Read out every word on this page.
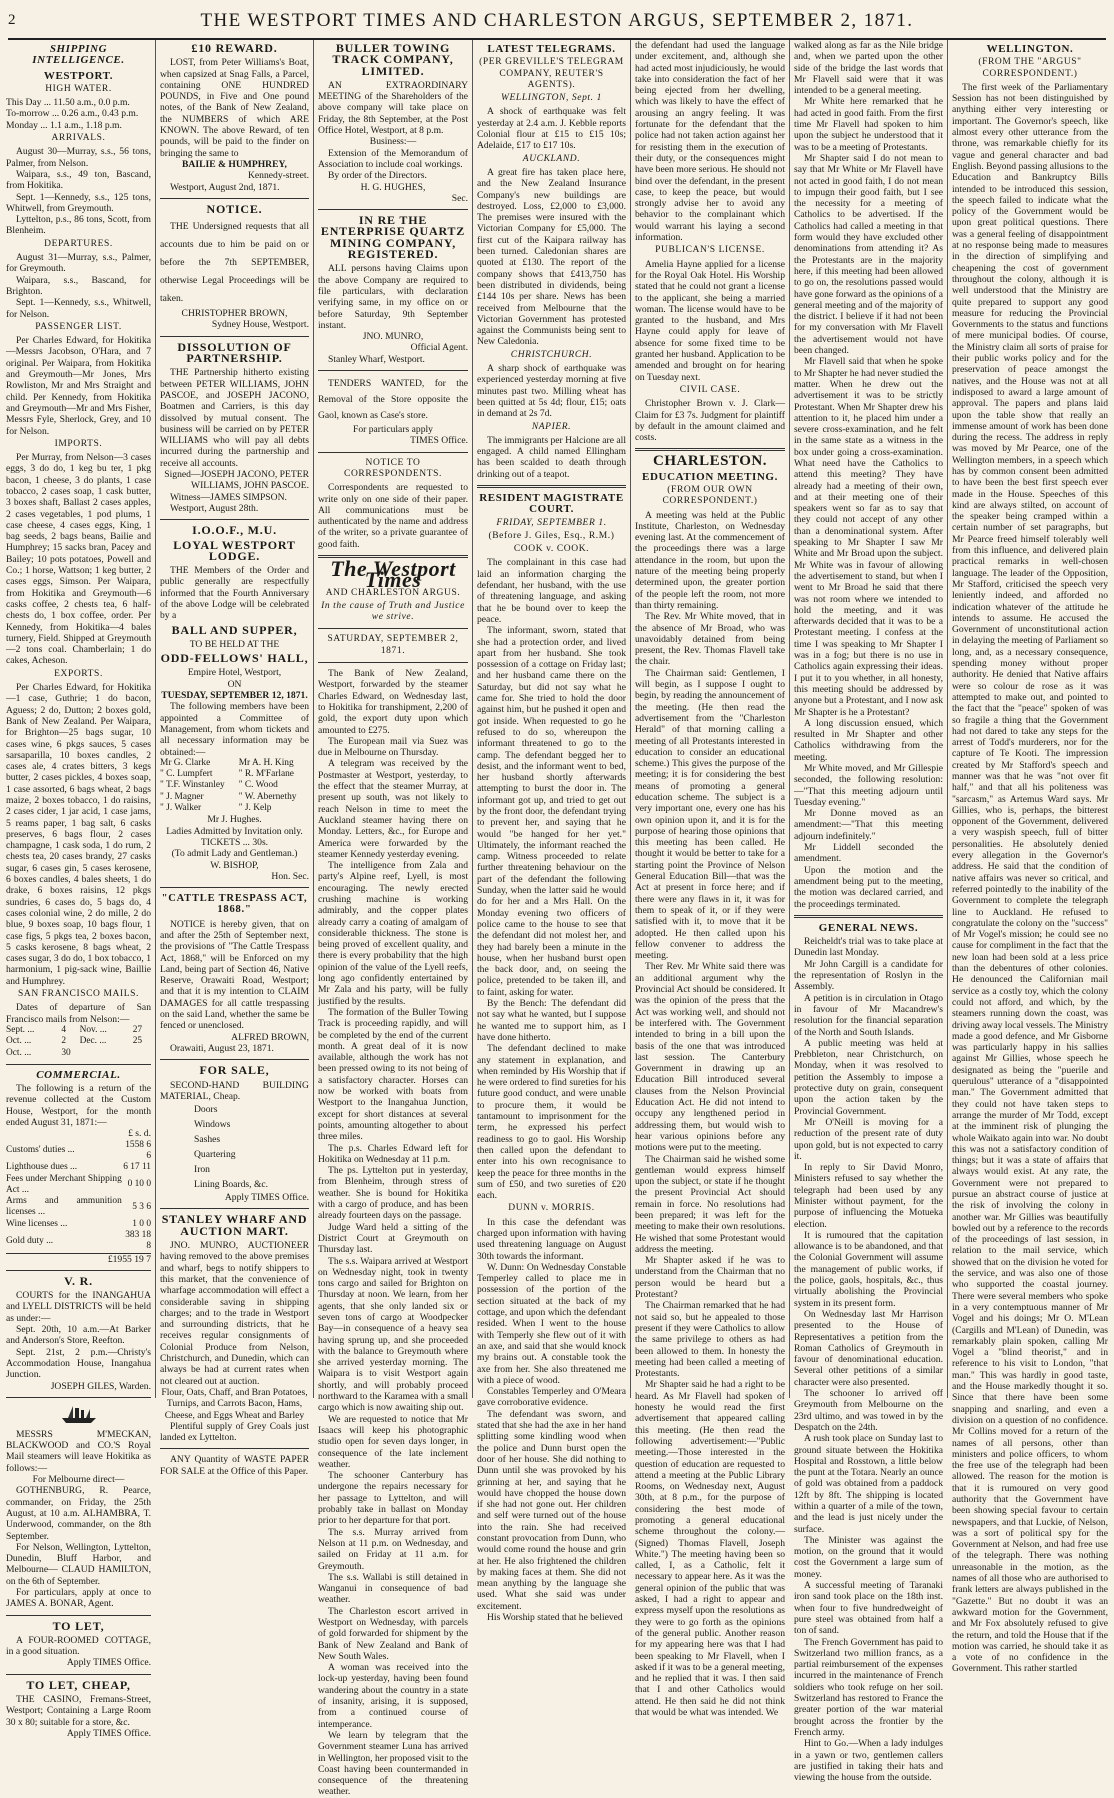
2	THE WESTPORT TIMES AND CHARLESTON ARGUS, SEPTEMBER 2, 1871.
SHIPPING INTELLIGENCE.
WESTPORT.
HIGH WATER.

This Day ... 11.50 a.m., 0.0 p.m.

To-morrow ... 0.26 a.m., 0.43 p.m.

Monday ... 1.1 a.m., 1.18 p.m.

ARRIVALS.

August 30—Murray, s.s., 56 tons, Palmer, from Nelson.

Waipara, s.s., 49 ton, Bascand, from Hokitika.

Sept. 1—Kennedy, s.s., 125 tons, Whitwell, from Greymouth.

Lyttelton, p.s., 86 tons, Scott, from Blenheim.

DEPARTURES.

August 31—Murray, s.s., Palmer, for Greymouth.

Waipara, s.s., Bascand, for Brighton.

Sept. 1—Kennedy, s.s., Whitwell, for Nelson.

PASSENGER LIST.

Per Charles Edward, for Hokitika—Messrs Jacobson, O'Hara, and 7 original. Per Waipara, from Hokitika and Greymouth—Mr Jones, Mrs Rowliston, Mr and Mrs Straight and child. Per Kennedy, from Hokitika and Greymouth—Mr and Mrs Fisher, Messrs Fyle, Sherlock, Grey, and 10 for Nelson.

IMPORTS.

Per Murray, from Nelson—3 cases eggs, 3 do do, 1 keg bu ter, 1 pkg bacon, 1 cheese, 3 do plants, 1 case tobacco, 2 cases soap, 1 cask butter, 3 boxes shaft, Ballast 2 cases apples, 2 cases vegetables, 1 pod plums, 1 case cheese, 4 cases eggs, King, 1 bag seeds, 2 bags beans, Bailie and Humphrey; 15 sacks bran, Pacey and Bailey; 10 pots potatoes, Powell and Co.; 1 horse, Wattson; 1 keg butter, 2 cases eggs, Simson. Per Waipara, from Hokitika and Greymouth—6 casks coffee, 2 chests tea, 6 half-chests do, 1 box coffee, order. Per Kennedy, from Hokitika—4 bales turnery, Field. Shipped at Greymouth—2 tons coal. Chamberlain; 1 do cakes, Acheson.

EXPORTS.

Per Charles Edward, for Hokitika—1 case, Guthrie; 1 do bacon, Aguess; 2 do, Dutton; 2 boxes gold, Bank of New Zealand. Per Waipara, for Brighton—25 bags sugar, 10 cases wine, 6 pkgs sauces, 5 cases sarsaparilla, 10 boxes candles, 2 cases ale, 4 crates bitters, 3 kegs butter, 2 cases pickles, 4 boxes soap, 1 case assorted, 6 bags wheat, 2 bags maize, 2 boxes tobacco, 1 do raisins, 2 cases cider, 1 jar acid, 1 case jams, 5 reams paper, 1 bag salt, 6 casks preserves, 6 bags flour, 2 cases champagne, 1 cask soda, 1 do rum, 2 chests tea, 20 cases brandy, 27 casks sugar, 6 cases gin, 5 cases kerosene, 6 boxes candles, 4 bales sheets, 1 do drake, 6 boxes raisins, 12 pkgs sundries, 6 cases do, 5 bags do, 4 cases colonial wine, 2 do mille, 2 do blue, 9 boxes soap, 10 bags flour, 1 case figs, 5 pkgs tea, 2 boxes bacon, 5 casks kerosene, 8 bags wheat, 2 cases sugar, 3 do do, 1 box tobacco, 1 harmonium, 1 pig-sack wine, Baillie and Humphrey.

SAN FRANCISCO MAILS.

Dates of departure of San Francisco mails from Nelson:—

Sept. ...	4	Nov. ...	27
Oct. ...	2	Dec. ...	25
Oct. ...	30		
COMMERCIAL.

The following is a return of the revenue collected at the Custom House, Westport, for the month ended August 31, 1871:—

£ s. d.

Customs' duties ...	1558 6 6
Lighthouse dues ...	6 17 11
Fees under Merchant Shipping Act ...	0 10 0
Arms and ammunition licenses ...	5 3 6
Wine licenses ...	1 0 0
Gold duty ...	383 18 8

£1955 19 7

V. R.

COURTS for the INANGAHUA and LYELL DISTRICTS will be held as under:—

Sept. 20th, 10 a.m.—At Barker and Anderson's Store, Reefton.

Sept. 21st, 2 p.m.—Christy's Accommodation House, Inangahua Junction.

JOSEPH GILES, Warden.

MESSRS M'MECKAN, BLACKWOOD and CO.'S Royal Mail steamers will leave Hokitika as follows:—

For Melbourne direct—

GOTHENBURG, R. Pearce, commander, on Friday, the 25th August, at 10 a.m. ALHAMBRA, T. Underwood, commander, on the 8th September.

For Nelson, Wellington, Lyttelton, Dunedin, Bluff Harbor, and Melbourne— CLAUD HAMILTON, on the 6th of September.

For particulars, apply at once to JAMES A. BONAR, Agent.

TO LET,

A FOUR-ROOMED COTTAGE, in a good situation.

Apply TIMES Office.

TO LET, CHEAP,

THE CASINO, Fremans-Street, Westport; Containing a Large Room 30 x 80; suitable for a store, &c.

Apply TIMES Office.

£10 REWARD.

LOST, from Peter Williams's Boat, when capsized at Snag Falls, a Parcel, containing ONE HUNDRED POUNDS, in Five and One pound notes, of the Bank of New Zealand, the NUMBERS of which ARE KNOWN. The above Reward, of ten pounds, will be paid to the finder on bringing the same to

BAILIE & HUMPHREY,

Kennedy-street.

Westport, August 2nd, 1871.

NOTICE.

THE Undersigned requests that all accounts due to him be paid on or before the 7th SEPTEMBER, otherwise Legal Proceedings will be taken.

CHRISTOPHER BROWN,

Sydney House, Westport.

DISSOLUTION OF PARTNERSHIP.

THE Partnership hitherto existing between PETER WILLIAMS, JOHN PASCOE, and JOSEPH JACONO, Boatmen and Carriers, is this day dissolved by mutual consent. The business will be carried on by PETER WILLIAMS who will pay all debts incurred during the partnership and receive all accounts.

Signed—JOSEPH JACONO, PETER WILLIAMS, JOHN PASCOE.

Witness—JAMES SIMPSON.

Westport, August 28th.

I.O.O.F., M.U.
LOYAL WESTPORT LODGE.

THE Members of the Order and public generally are respectfully informed that the Fourth Anniversary of the above Lodge will be celebrated by a

BALL AND SUPPER,

TO BE HELD AT THE

ODD-FELLOWS' HALL,

Empire Hotel, Westport,

ON

TUESDAY, SEPTEMBER 12, 1871.

The following members have been appointed a Committee of Management, from whom tickets and all necessary information may be obtained:—

Mr G. Clarke	Mr A. H. King
" C. Lumpfert	" R. M'Farlane
" T.F. Winstanley	" C. Wood
" J. Magner	" W. Abernethy
" J. Walker	" J. Kelp

Mr J. Hughes.

Ladies Admitted by Invitation only.

TICKETS ... 30s.

(To admit Lady and Gentleman.)

W. BISHOP,

Hon. Sec.

"CATTLE TRESPASS ACT, 1868."

NOTICE is hereby given, that on and after the 25th of September next, the provisions of "The Cattle Trespass Act, 1868," will be Enforced on my Land, being part of Section 46, Native Reserve, Orawaiti Road, Westport; and that it is my intention to CLAIM DAMAGES for all cattle trespassing on the said Land, whether the same be fenced or unenclosed.

ALFRED BROWN,

Orawaiti, August 23, 1871.

FOR SALE,

SECOND-HAND BUILDING MATERIAL, Cheap.

Doors

Windows

Sashes

Quartering

Iron

Lining Boards, &c.

Apply TIMES Office.

STANLEY WHARF AND AUCTION MART.

JNO. MUNRO, AUCTIONEER having removed to the above premises and wharf, begs to notify shippers to this market, that the convenience of wharfage accommodation will effect a considerable saving in shipping charges; and to the trade in Westport and surrounding districts, that he receives regular consignments of Colonial Produce from Nelson, Christchurch, and Dunedin, which can always be had at current rates when not cleared out at auction.

Flour, Oats, Chaff, and Bran Potatoes, Turnips, and Carrots Bacon, Hams, Cheese, and Eggs Wheat and Barley

Plentiful supply of Grey Coals just landed ex Lyttelton.

ANY Quantity of WASTE PAPER FOR SALE at the Office of this Paper.

BULLER TOWING TRACK COMPANY, LIMITED.

AN EXTRAORDINARY MEETING of the Shareholders of the above company will take place on Friday, the 8th September, at the Post Office Hotel, Westport, at 8 p.m.

Business:—

Extension of the Memorandum of Association to include coal workings.

By order of the Directors.

H. G. HUGHES,

Sec.

IN RE THE ENTERPRISE QUARTZ MINING COMPANY, REGISTERED.

ALL persons having Claims upon the above Company are required to file particulars, with declaration verifying same, in my office on or before Saturday, 9th September instant.

JNO. MUNRO,

Official Agent.

Stanley Wharf, Westport.

TENDERS WANTED, for the Removal of the Store opposite the Gaol, known as Case's store.

For particulars apply

TIMES Office.

NOTICE TO CORRESPONDENTS.

Correspondents are requested to write only on one side of their paper. All communications must be authenticated by the name and address of the writer, so a private guarantee of good faith.

The Westport Times
AND CHARLESTON ARGUS.
In the cause of Truth and Justice we strive.
SATURDAY, SEPTEMBER 2, 1871.

The Bank of New Zealand, Westport, forwarded by the steamer Charles Edward, on Wednesday last, to Hokitika for transhipment, 2,200 of gold, the export duty upon which amounted to £275.

The European mail via Suez was due in Melbourne on Thursday.

A telegram was received by the Postmaster at Westport, yesterday, to the effect that the steamer Murray, at present up south, was not likely to reach Nelson in time to meet the Auckland steamer having there on Monday. Letters, &c., for Europe and America were forwarded by the steamer Kennedy yesterday evening.

The intelligence from Zala and party's Alpine reef, Lyell, is most encouraging. The newly erected crushing machine is working admirably, and the copper plates already carry a coating of amalgam of considerable thickness. The stone is being proved of excellent quality, and there is every probability that the high opinion of the value of the Lyell reefs, long ago confidently entertained by Mr Zala and his party, will be fully justified by the results.

The formation of the Buller Towing Track is proceeding rapidly, and will be completed by the end of the current month. A great deal of it is now available, although the work has not been pressed owing to its not being of a satisfactory character. Horses can now be worked with boats from Westport to the Inangahua Junction, except for short distances at several points, amounting altogether to about three miles.

The p.s. Charles Edward left for Hokitika on Wednesday at 11 p.m.

The ps. Lyttelton put in yesterday, from Blenheim, through stress of weather. She is bound for Hokitika with a cargo of produce, and has been already fourteen days on the passage.

Judge Ward held a sitting of the District Court at Greymouth on Thursday last.

The s.s. Waipara arrived at Westport on Wednesday night, took in twenty tons cargo and sailed for Brighton on Thursday at noon. We learn, from her agents, that she only landed six or seven tons of cargo at Woodpecker Bay—in consequence of a heavy sea having sprung up, and she proceeded with the balance to Greymouth where she arrived yesterday morning. The Waipara is to visit Westport again shortly, and will probably proceed northward to the Karamea with a small cargo which is now awaiting ship out.

We are requested to notice that Mr Isaacs will keep his photographic studio open for seven days longer, in consequence of the late inclement weather.

The schooner Canterbury has undergone the repairs necessary for her passage to Lyttelton, and will probably take in ballast on Monday prior to her departure for that port.

The s.s. Murray arrived from Nelson at 11 p.m. on Wednesday, and sailed on Friday at 11 a.m. for Greymouth.

The s.s. Wallabi is still detained in Wanganui in consequence of bad weather.

The Charleston escort arrived in Westport on Wednesday, with parcels of gold forwarded for shipment by the Bank of New Zealand and Bank of New South Wales.

A woman was received into the lock-up yesterday, having been found wandering about the country in a state of insanity, arising, it is supposed, from a continued course of intemperance.

We learn by telegram that the Government steamer Luna has arrived in Wellington, her proposed visit to the Coast having been countermanded in consequence of the threatening weather.

LATEST TELEGRAMS.
(PER GREVILLE'S TELEGRAM COMPANY, REUTER'S AGENTS).
WELLINGTON, Sept. 1

A shock of earthquake was felt yesterday at 2.4 a.m. J. Kebble reports Colonial flour at £15 to £15 10s; Adelaide, £17 to £17 10s.

AUCKLAND.

A great fire has taken place here, and the New Zealand Insurance Company's new buildings are destroyed. Loss, £2,000 to £3,000. The premises were insured with the Victorian Company for £5,000. The first cut of the Kaipara railway has been turned. Caledonian shares are quoted at £130. The report of the company shows that £413,750 has been distributed in dividends, being £144 10s per share. News has been received from Melbourne that the Victorian Government has protested against the Communists being sent to New Caledonia.

CHRISTCHURCH.

A sharp shock of earthquake was experienced yesterday morning at five minutes past two. Milling wheat has been quitted at 5s 4d; flour, £15; oats in demand at 2s 7d.

NAPIER.

The immigrants per Halcione are all engaged. A child named Ellingham has been scalded to death through drinking out of a teapot.

RESIDENT MAGISTRATE COURT.
FRIDAY, SEPTEMBER 1.
(Before J. Giles, Esq., R.M.)
COOK v. COOK.

The complainant in this case had laid an information charging the defendant, her husband, with the use of threatening language, and asking that he be bound over to keep the peace.

The informant, sworn, stated that she had a protection order, and lived apart from her husband. She took possession of a cottage on Friday last; and her husband came there on the Saturday, but did not say what he came for. She tried to hold the door against him, but he pushed it open and got inside. When requested to go he refused to do so, whereupon the informant threatened to go to the camp. The defendant begged her to desist, and the informant went to bed, her husband shortly afterwards attempting to burst the door in. The informant got up, and tried to get out by the front door, the defendant trying to prevent her, and saying that he would "be hanged for her yet." Ultimately, the informant reached the camp. Witness proceeded to relate further threatening behaviour on the part of the defendant the following Sunday, when the latter said he would do for her and a Mrs Hall. On the Monday evening two officers of police came to the house to see that the defendant did not molest her, and they had barely been a minute in the house, when her husband burst open the back door, and, on seeing the police, pretended to be taken ill, and to faint, asking for water.

By the Bench: The defendant did not say what he wanted, but I suppose he wanted me to support him, as I have done hitherto.

The defendant declined to make any statement in explanation, and when reminded by His Worship that if he were ordered to find sureties for his future good conduct, and were unable to procure them, it would be tantamount to imprisonment for the term, he expressed his perfect readiness to go to gaol. His Worship then called upon the defendant to enter into his own recognisance to keep the peace for three months in the sum of £50, and two sureties of £20 each.

DUNN v. MORRIS.

In this case the defendant was charged upon information with having used threatening language on August 30th towards the informant.

W. Dunn: On Wednesday Constable Temperley called to place me in possession of the portion of the section situated at the back of my cottage, and upon which the defendant resided. When I went to the house with Temperly she flew out of it with an axe, and said that she would knock my brains out. A constable took the axe from her. She also threatened me with a piece of wood.

Constables Temperley and O'Meara gave corroborative evidence.

The defendant was sworn, and stated that she had the axe in her hand splitting some kindling wood when the police and Dunn burst open the door of her house. She did nothing to Dunn until she was provoked by his grinning at her, and saying that he would have chopped the house down if she had not gone out. Her children and self were turned out of the house into the rain. She had received constant provocation from Dunn, who would come round the house and grin at her. He also frightened the children by making faces at them. She did not mean anything by the language she used. What she said was under excitement.

His Worship stated that he believed

the defendant had used the language under excitement, and, although she had acted most injudiciously, he would take into consideration the fact of her being ejected from her dwelling, which was likely to have the effect of arousing an angry feeling. It was fortunate for the defendant that the police had not taken action against her for resisting them in the execution of their duty, or the consequences might have been more serious. He should not bind over the defendant, in the present case, to keep the peace, but would strongly advise her to avoid any behavior to the complainant which would warrant his laying a second information.

PUBLICAN'S LICENSE.

Amelia Hayne applied for a license for the Royal Oak Hotel. His Worship stated that he could not grant a license to the applicant, she being a married woman. The license would have to be granted to the husband, and Mrs Hayne could apply for leave of absence for some fixed time to be granted her husband. Application to be amended and brought on for hearing on Tuesday next.

CIVIL CASE.

Christopher Brown v. J. Clark—Claim for £3 7s. Judgment for plaintiff by default in the amount claimed and costs.

CHARLESTON.
EDUCATION MEETING.
(FROM OUR OWN CORRESPONDENT.)

A meeting was held at the Public Institute, Charleston, on Wednesday evening last. At the commencement of the proceedings there was a large attendance in the room, but upon the nature of the meeting being properly determined upon, the greater portion of the people left the room, not more than thirty remaining.

The Rev. Mr White moved, that in the absence of Mr Broad, who was unavoidably detained from being present, the Rev. Thomas Flavell take the chair.

The Chairman said: Gentlemen, I will begin, as I suppose I ought to begin, by reading the announcement of the meeting. (He then read the advertisement from the "Charleston Herald" of that morning calling a meeting of all Protestants interested in education to consider an educational scheme.) This gives the purpose of the meeting; it is for considering the best means of promoting a general education scheme. The subject is a very important one, every one has his own opinion upon it, and it is for the purpose of hearing those opinions that this meeting has been called. He thought it would be better to take for a starting point the Province of Nelson General Education Bill—that was the Act at present in force here; and if there were any flaws in it, it was for them to speak of it, or if they were satisfied with it, to move that it be adopted. He then called upon his fellow convener to address the meeting.

Ther Rev. Mr White said there was an additional argument why the Provincial Act should be considered. It was the opinion of the press that the Act was working well, and should not be interfered with. The Government intended to bring in a bill upon the basis of the one that was introduced last session. The Canterbury Government in drawing up an Education Bill introduced several clauses from the Nelson Provincial Education Act. He did not intend to occupy any lengthened period in addressing them, but would wish to hear various opinions before any motions were put to the meeting.

The Chairman said he wished some gentleman would express himself upon the subject, or state if he thought the present Provincial Act should remain in force. No resolutions had been prepared; it was left for the meeting to make their own resolutions. He wished that some Protestant would address the meeting.

Mr Shapter asked if he was to understand from the Chairman that no person would be heard but a Protestant?

The Chairman remarked that he had not said so, but he appealed to those present if they were Catholics to allow the same privilege to others as had been allowed to them. In honesty the meeting had been called a meeting of Protestants.

Mr Shapter said he had a right to be heard. As Mr Flavell had spoken of honesty he would read the first advertisement that appeared calling this meeting. (He then read the following advertisement:—"Public meeting.—Those interested in the question of education are requested to attend a meeting at the Public Library Rooms, on Wednesday next, August 30th, at 8 p.m., for the purpose of considering the best mode of promoting a general educational scheme throughout the colony.—(Signed) Thomas Flavell, Joseph White.") The meeting having been so called, I, as a Catholic, felt it necessary to appear here. As it was the general opinion of the public that was asked, I had a right to appear and express myself upon the resolutions as they were to go forth as the opinions of the general public. Another reason for my appearing here was that I had been speaking to Mr Flavell, when I asked if it was to be a general meeting, and he replied that it was. I then said that I and other Catholics would attend. He then said he did not think that would be what was intended. We

walked along as far as the Nile bridge and, when we parted upon the other side of the bridge the last words that Mr Flavell said were that it was intended to be a general meeting.

Mr White here remarked that he had acted in good faith. From the first time Mr Flavell had spoken to him upon the subject he understood that it was to be a meeting of Protestants.

Mr Shapter said I do not mean to say that Mr White or Mr Flavell have not acted in good faith, I do not mean to impugn their good faith, but I see the necessity for a meeting of Catholics to be advertised. If the Catholics had called a meeting in that form would they have excluded other denominations from attending it? As the Protestants are in the majority here, if this meeting had been allowed to go on, the resolutions passed would have gone forward as the opinions of a general meeting and of the majority of the district. I believe if it had not been for my conversation with Mr Flavell the advertisement would not have been changed.

Mr Flavell said that when he spoke to Mr Shapter he had never studied the matter. When he drew out the advertisement it was to be strictly Protestant. When Mr Shapter drew his attention to it, he placed him under a severe cross-examination, and he felt in the same state as a witness in the box under going a cross-examination. What need have the Catholics to attend this meeting? They have already had a meeting of their own, and at their meeting one of their speakers went so far as to say that they could not accept of any other than a denominational system. After speaking to Mr Shapter I saw Mr White and Mr Broad upon the subject. Mr White was in favour of allowing the advertisement to stand, but when I went to Mr Broad he said that there was not room where we intended to hold the meeting, and it was afterwards decided that it was to be a Protestant meeting. I confess at the time I was speaking to Mr Shapter I was in a fog; but there is no use in Catholics again expressing their ideas. I put it to you whether, in all honesty, this meeting should be addressed by anyone but a Protestant, and I now ask Mr Shapter is he a Protestant?

A long discussion ensued, which resulted in Mr Shapter and other Catholics withdrawing from the meeting.

Mr White moved, and Mr Gillespie seconded, the following resolution:—"That this meeting adjourn until Tuesday evening."

Mr Donne moved as an amendment:—"That this meeting adjourn indefinitely."

Mr Liddell seconded the amendment.

Upon the motion and the amendment being put to the meeting, the motion was declared carried, and the proceedings terminated.

GENERAL NEWS.

Reicheldt's trial was to take place at Dunedin last Monday.

Mr John Cargill is a candidate for the representation of Roslyn in the Assembly.

A petition is in circulation in Otago in favour of Mr Macandrew's resolution for the financial separation of the North and South Islands.

A public meeting was held at Prebbleton, near Christchurch, on Monday, when it was resolved to petition the Assembly to impose a protective duty on grain, consequent upon the action taken by the Provincial Government.

Mr O'Neill is moving for a reduction of the present rate of duty upon gold, but is not expected to carry it.

In reply to Sir David Monro, Ministers refused to say whether the telegraph had been used by any Minister without payment, for the purpose of influencing the Motueka election.

It is rumoured that the capitation allowance is to be abandoned, and that the Colonial Government will assume the management of public works, if the police, gaols, hospitals, &c., thus virtually abolishing the Provincial system in its present form.

On Wednesday last Mr Harrison presented to the House of Representatives a petition from the Roman Catholics of Greymouth in favour of denominational education. Several other petitions of a similar character were also presented.

The schooner Io arrived off Greymouth from Melbourne on the 23rd ultimo, and was towed in by the Despatch on the 24th.

A rush took place on Sunday last to ground situate between the Hokitika Hospital and Rosstown, a little below the punt at the Totara. Nearly an ounce of gold was obtained from a paddock 12ft by 8ft. The shipping is located within a quarter of a mile of the town, and the lead is just nicely under the surface.

The Minister was against the motion, on the ground that it would cost the Government a large sum of money.

A successful meeting of Taranaki iron sand took place on the 18th inst. when four to five hundredweight of pure steel was obtained from half a ton of sand.

The French Government has paid to Switzerland two million francs, as a partial reimbursement of the expenses incurred in the maintenance of French soldiers who took refuge on her soil. Switzerland has restored to France the greater portion of the war material brought across the frontier by the French army.

Hint to Go.—When a lady indulges in a yawn or two, gentlemen callers are justified in taking their hats and viewing the house from the outside.

WELLINGTON.
(FROM THE "ARGUS" CORRESPONDENT.)

The first week of the Parliamentary Session has not been distinguished by anything either very interesting or important. The Governor's speech, like almost every other utterance from the throne, was remarkable chiefly for its vague and general character and bad English. Beyond passing allusions to the Education and Bankruptcy Bills intended to be introduced this session, the speech failed to indicate what the policy of the Government would be upon great political questions. There was a general feeling of disappointment at no response being made to measures in the direction of simplifying and cheapening the cost of government throughout the colony, although it is well understood that the Ministry are quite prepared to support any good measure for reducing the Provincial Governments to the status and functions of mere municipal bodies. Of course, the Ministry claim all sorts of praise for their public works policy and for the preservation of peace amongst the natives, and the House was not at all indisposed to award a large amount of approval. The papers and plans laid upon the table show that really an immense amount of work has been done during the recess. The address in reply was moved by Mr Pearce, one of the Wellington members, in a speech which has by common consent been admitted to have been the best first speech ever made in the House. Speeches of this kind are always stilted, on account of the speaker being cramped within a certain number of set paragraphs, but Mr Pearce freed himself tolerably well from this influence, and delivered plain practical remarks in well-chosen language. The leader of the Opposition, Mr Stafford, criticised the speech very leniently indeed, and afforded no indication whatever of the attitude he intends to assume. He accused the Government of unconstitutional action in delaying the meeting of Parliament so long, and, as a necessary consequence, spending money without proper authority. He denied that Native affairs were so colour de rose as it was attempted to make out, and pointed to the fact that the "peace" spoken of was so fragile a thing that the Government had not dared to take any steps for the arrest of Todd's murderers, nor for the capture of Te Kooti. The impression created by Mr Stafford's speech and manner was that he was "not over fit half," and that all his politeness was "sarcasm," as Artemus Ward says. Mr Gillies, who is, perhaps, the bitterest opponent of the Government, delivered a very waspish speech, full of bitter personalities. He absolutely denied every allegation in the Governor's address. He said that the condition of native affairs was never so critical, and referred pointedly to the inability of the Government to complete the telegraph line to Auckland. He refused to congratulate the colony on the "success" of Mr Vogel's mission; he could see no cause for compliment in the fact that the new loan had been sold at a less price than the debentures of other colonies. He denounced the Californian mail service as a costly toy, which the colony could not afford, and which, by the steamers running down the coast, was driving away local vessels. The Ministry made a good defence, and Mr Gisborne was particularly happy in his sallies against Mr Gillies, whose speech he designated as being the "puerile and querulous" utterance of a "disappointed man." The Government admitted that they could not have taken steps to arrange the murder of Mr Todd, except at the imminent risk of plunging the whole Waikato again into war. No doubt this was not a satisfactory condition of things; but it was a state of affairs that always would exist. At any rate, the Government were not prepared to pursue an abstract course of justice at the risk of involving the colony in another war. Mr Gillies was beautifully bowled out by a reference to the records of the proceedings of last session, in relation to the mail service, which showed that on the division he voted for the service, and was also one of those who supported the coastal journey. There were several members who spoke in a very contemptuous manner of Mr Vogel and his doings; Mr O. M'Lean (Cargills and M'Lean) of Dunedin, was remarkably plain spoken, calling Mr Vogel a "blind theorist," and in reference to his visit to London, "that man." This was hardly in good taste, and the House markedly thought it so. Since that there have been some snapping and snarling, and even a division on a question of no confidence. Mr Collins moved for a return of the names of all persons, other than ministers and police officers, to whom the free use of the telegraph had been allowed. The reason for the motion is that it is rumoured on very good authority that the Government have been showing special favour to certain newspapers, and that Luckie, of Nelson, was a sort of political spy for the Government at Nelson, and had free use of the telegraph. There was nothing unreasonable in the motion, as the names of all those who are authorised to frank letters are always published in the "Gazette." But no doubt it was an awkward motion for the Government, and Mr Fox absolutely refused to give the return, and told the House that if the motion was carried, he should take it as a vote of no confidence in the Government. This rather startled
